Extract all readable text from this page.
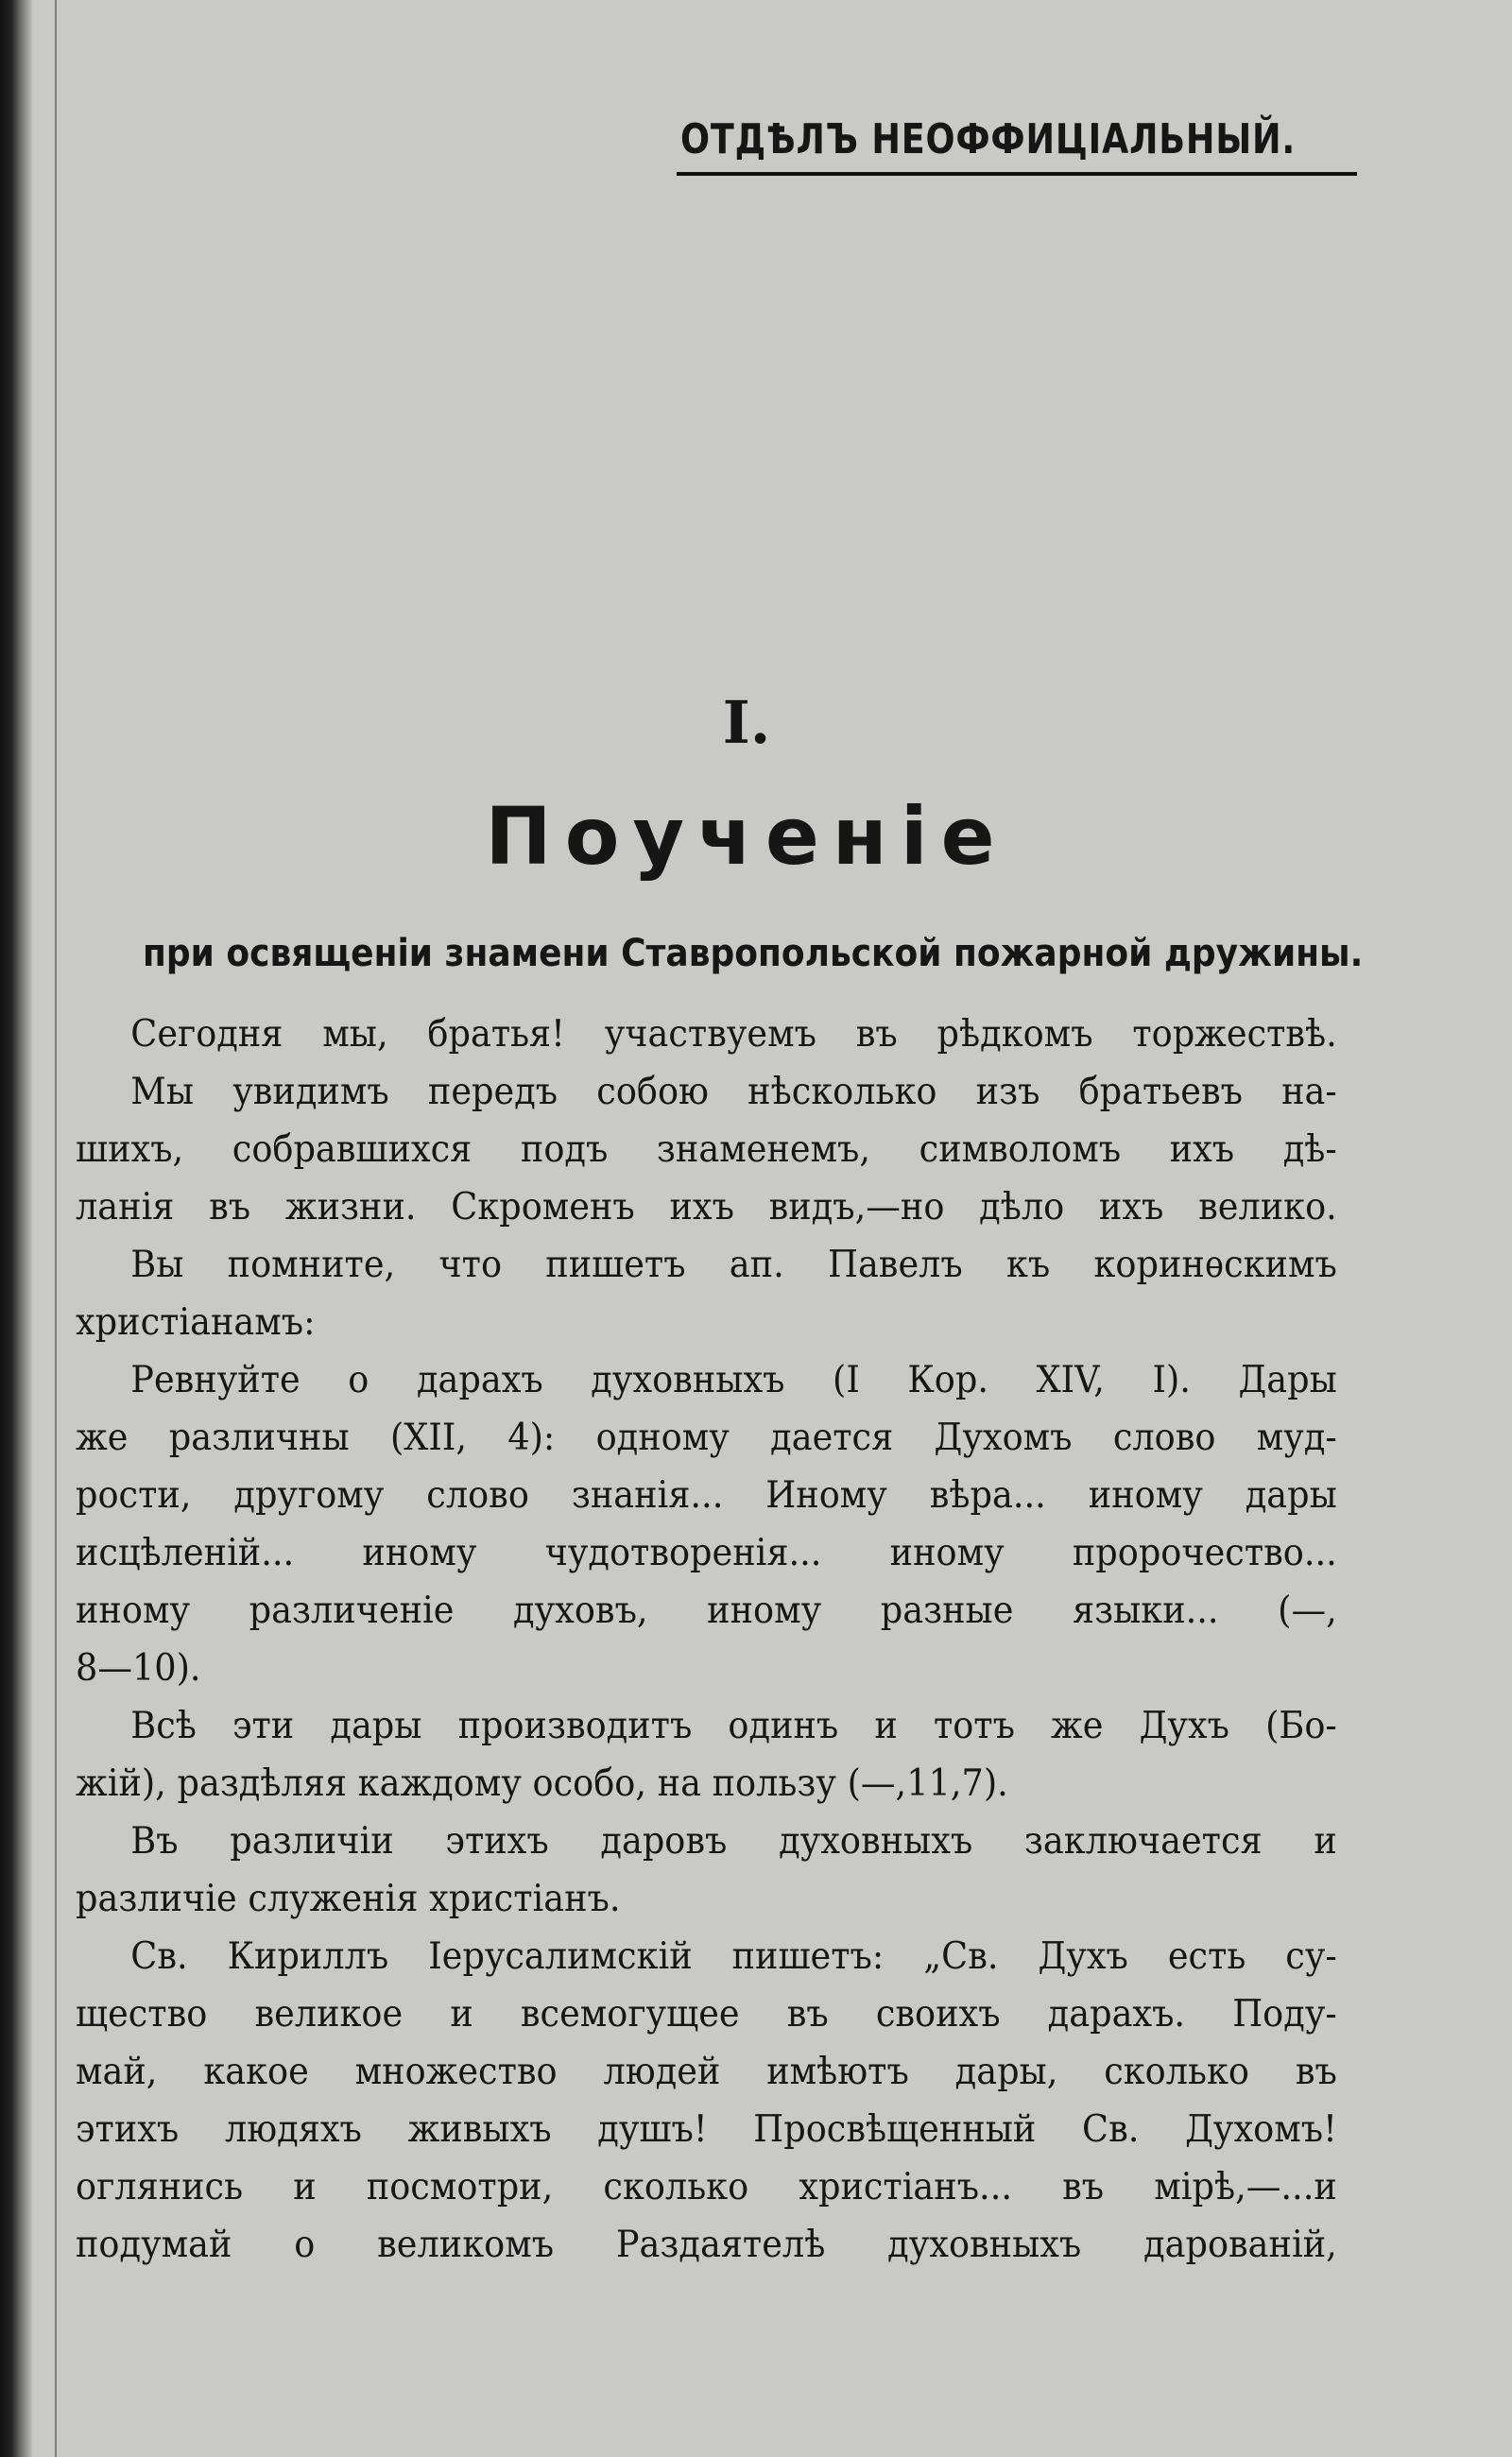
ОТДѢЛЪ НЕОФФИЦІАЛЬНЫЙ.
I.
Поученіе
при освященіи знамени Ставропольской пожарной дружины.
Сегодня мы, братья! участвуемъ въ рѣдкомъ торжествѣ.
Мы увидимъ передъ собою нѣсколько изъ братьевъ на-
шихъ, собравшихся подъ знаменемъ, символомъ ихъ дѣ-
ланія въ жизни. Скроменъ ихъ видъ,—но дѣло ихъ велико.
Вы помните, что пишетъ ап. Павелъ къ коринѳскимъ
христіанамъ:
Ревнуйте о дарахъ духовныхъ (I Кор. XIV, I). Дары
же различны (XII, 4): одному дается Духомъ слово муд-
рости, другому слово знанія... Иному вѣра... иному дары
исцѣленій... иному чудотворенія... иному пророчество...
иному различеніе духовъ, иному разные языки... (—,
8—10).
Всѣ эти дары производитъ одинъ и тотъ же Духъ (Бо-
жій), раздѣляя каждому особо, на пользу (—,11,7).
Въ различіи этихъ даровъ духовныхъ заключается и
различіе служенія христіанъ.
Св. Кириллъ Іерусалимскій пишетъ: „Св. Духъ есть су-
щество великое и всемогущее въ своихъ дарахъ. Поду-
май, какое множество людей имѣютъ дары, сколько въ
этихъ людяхъ живыхъ душъ! Просвѣщенный Св. Духомъ!
оглянись и посмотри, сколько христіанъ... въ мірѣ,—...и
подумай о великомъ Раздаятелѣ духовныхъ дарованій,
